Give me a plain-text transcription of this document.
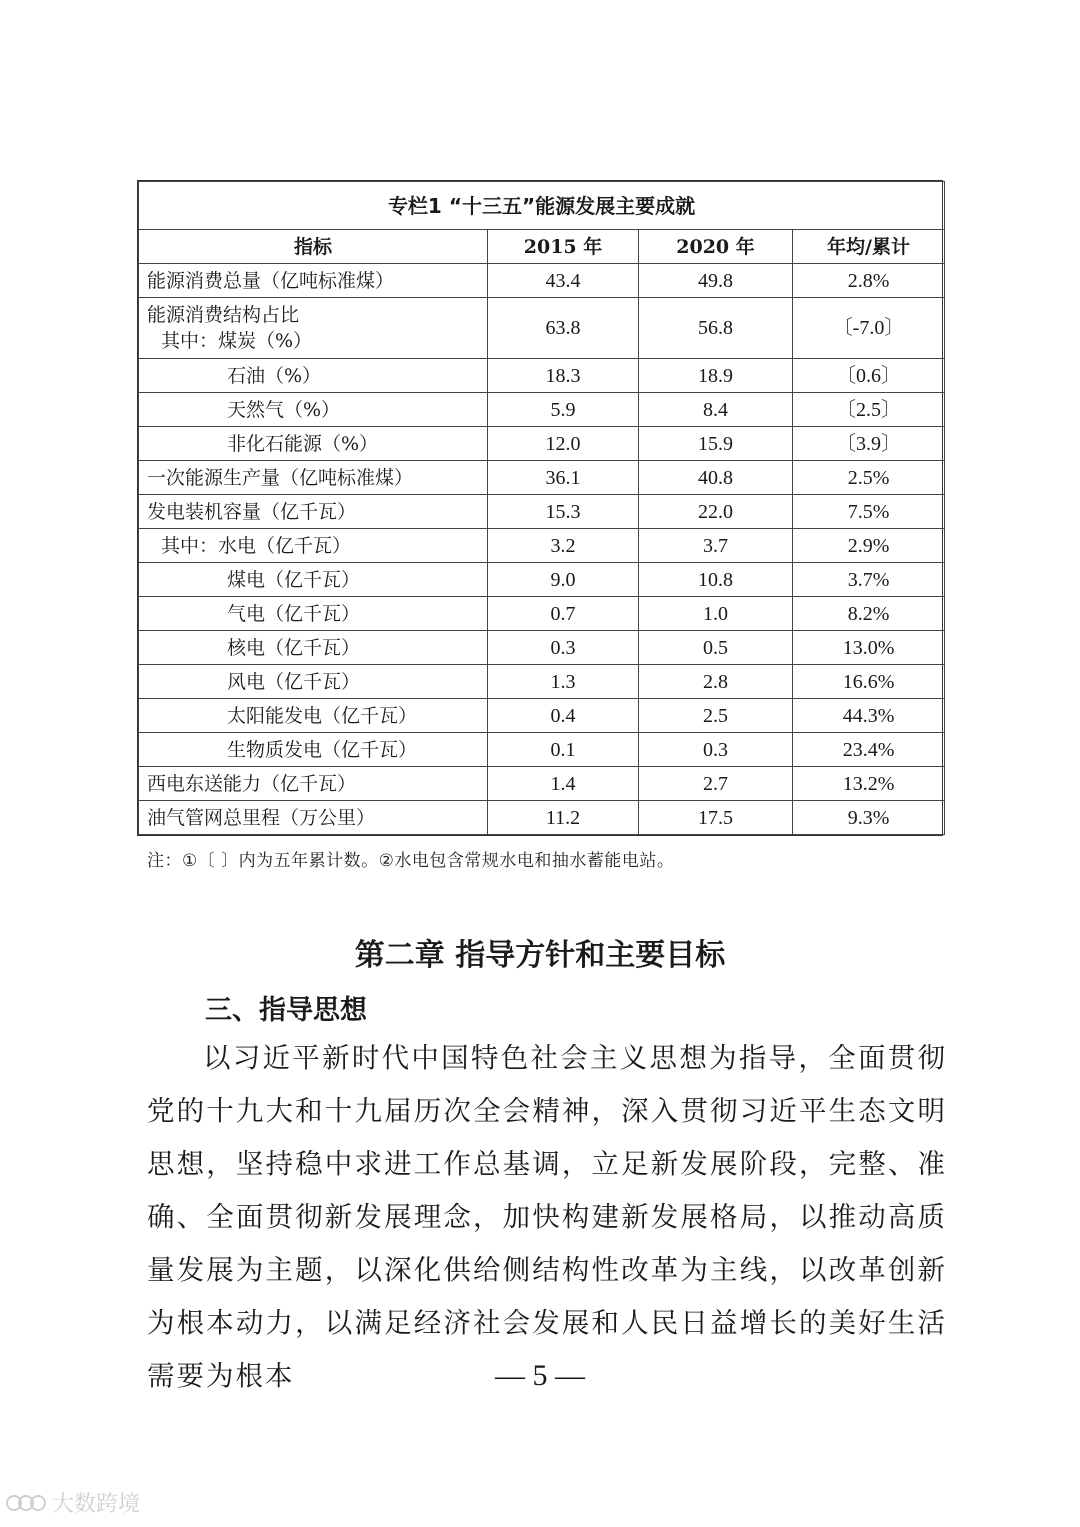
专栏1 “十三五”能源发展主要成就			
指标	2015 年	2020 年	年均/累计
能源消费总量（亿吨标准煤）	43.4	49.8	2.8%

能源消费结构占比
其中：煤炭（%）	63.8	56.8	〔-7.0〕
石油（%）	18.3	18.9	〔0.6〕
天然气（%）	5.9	8.4	〔2.5〕
非化石能源（%）	12.0	15.9	〔3.9〕
一次能源生产量（亿吨标准煤）	36.1	40.8	2.5%
发电装机容量（亿千瓦）	15.3	22.0	7.5%
其中：水电（亿千瓦）	3.2	3.7	2.9%
煤电（亿千瓦）	9.0	10.8	3.7%
气电（亿千瓦）	0.7	1.0	8.2%
核电（亿千瓦）	0.3	0.5	13.0%
风电（亿千瓦）	1.3	2.8	16.6%
太阳能发电（亿千瓦）	0.4	2.5	44.3%
生物质发电（亿千瓦）	0.1	0.3	23.4%
西电东送能力（亿千瓦）	1.4	2.7	13.2%
油气管网总里程（万公里）	11.2	17.5	9.3%
注：①〔 〕内为五年累计数。②水电包含常规水电和抽水蓄能电站。
第二章 指导方针和主要目标
三、指导思想
以习近平新时代中国特色社会主义思想为指导，全面贯彻党的十九大和十九届历次全会精神，深入贯彻习近平生态文明思想，坚持稳中求进工作总基调，立足新发展阶段，完整、准确、全面贯彻新发展理念，加快构建新发展格局，以推动高质量发展为主题，以深化供给侧结构性改革为主线，以改革创新为根本动力，以满足经济社会发展和人民日益增长的美好生活需要为根本	— 5 —
大数跨境
